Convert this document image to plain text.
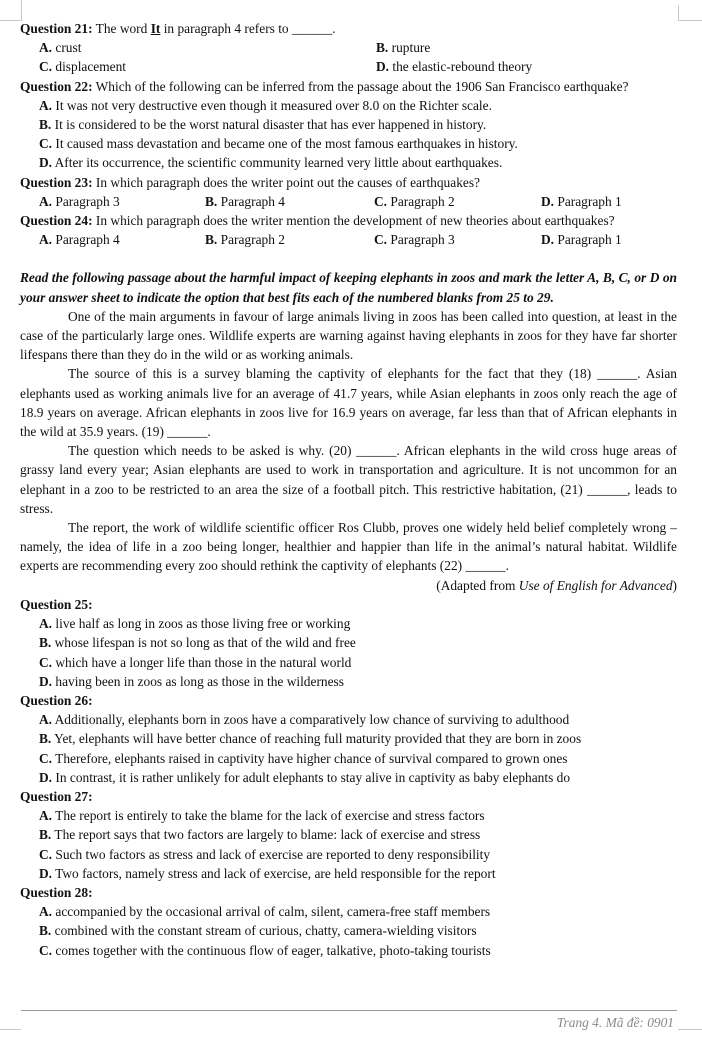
Question 21: The word It in paragraph 4 refers to ______.
A. crust	B. rupture
C. displacement	D. the elastic-rebound theory
Question 22: Which of the following can be inferred from the passage about the 1906 San Francisco earthquake?
A. It was not very destructive even though it measured over 8.0 on the Richter scale.
B. It is considered to be the worst natural disaster that has ever happened in history.
C. It caused mass devastation and became one of the most famous earthquakes in history.
D. After its occurrence, the scientific community learned very little about earthquakes.
Question 23: In which paragraph does the writer point out the causes of earthquakes?
A. Paragraph 3	B. Paragraph 4	C. Paragraph 2	D. Paragraph 1
Question 24: In which paragraph does the writer mention the development of new theories about earthquakes?
A. Paragraph 4	B. Paragraph 2	C. Paragraph 3	D. Paragraph 1
Read the following passage about the harmful impact of keeping elephants in zoos and mark the letter A, B, C, or D on your answer sheet to indicate the option that best fits each of the numbered blanks from 25 to 29.
One of the main arguments in favour of large animals living in zoos has been called into question, at least in the case of the particularly large ones. Wildlife experts are warning against having elephants in zoos for they have far shorter lifespans there than they do in the wild or as working animals.
The source of this is a survey blaming the captivity of elephants for the fact that they (18) ______. Asian elephants used as working animals live for an average of 41.7 years, while Asian elephants in zoos only reach the age of 18.9 years on average. African elephants in zoos live for 16.9 years on average, far less than that of African elephants in the wild at 35.9 years. (19) ______.
The question which needs to be asked is why. (20) ______. African elephants in the wild cross huge areas of grassy land every year; Asian elephants are used to work in transportation and agriculture. It is not uncommon for an elephant in a zoo to be restricted to an area the size of a football pitch. This restrictive habitation, (21) ______, leads to stress.
The report, the work of wildlife scientific officer Ros Clubb, proves one widely held belief completely wrong – namely, the idea of life in a zoo being longer, healthier and happier than life in the animal’s natural habitat. Wildlife experts are recommending every zoo should rethink the captivity of elephants (22) ______.
(Adapted from Use of English for Advanced)
Question 25:
A. live half as long in zoos as those living free or working
B. whose lifespan is not so long as that of the wild and free
C. which have a longer life than those in the natural world
D. having been in zoos as long as those in the wilderness
Question 26:
A. Additionally, elephants born in zoos have a comparatively low chance of surviving to adulthood
B. Yet, elephants will have better chance of reaching full maturity provided that they are born in zoos
C. Therefore, elephants raised in captivity have higher chance of survival compared to grown ones
D. In contrast, it is rather unlikely for adult elephants to stay alive in captivity as baby elephants do
Question 27:
A. The report is entirely to take the blame for the lack of exercise and stress factors
B. The report says that two factors are largely to blame: lack of exercise and stress
C. Such two factors as stress and lack of exercise are reported to deny responsibility
D. Two factors, namely stress and lack of exercise, are held responsible for the report
Question 28:
A. accompanied by the occasional arrival of calm, silent, camera-free staff members
B. combined with the constant stream of curious, chatty, camera-wielding visitors
C. comes together with the continuous flow of eager, talkative, photo-taking tourists
Trang 4. Mã đề: 0901
